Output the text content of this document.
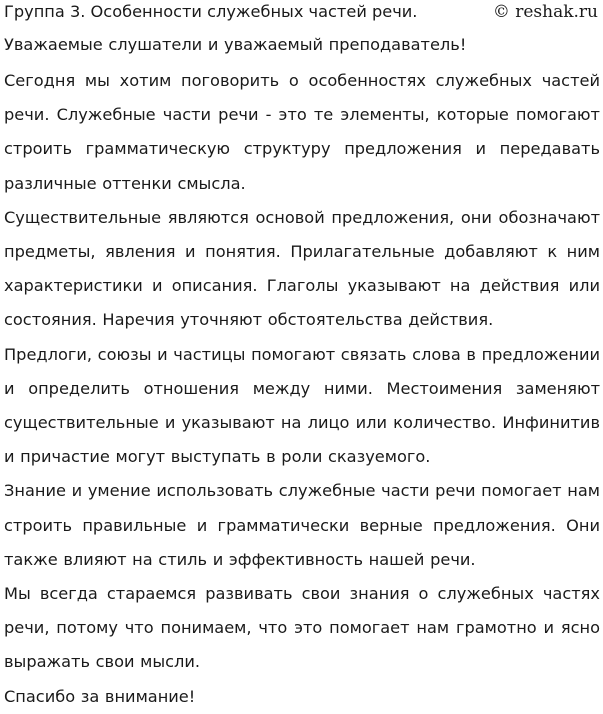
Группа 3. Особенности служебных частей речи.	© reshak.ru

Уважаемые слушатели и уважаемый преподаватель!

Сегодня мы хотим поговорить о особенностях служебных частей речи. Служебные части речи - это те элементы, которые помогают строить грамматическую структуру предложения и передавать различные оттенки смысла.

Существительные являются основой предложения, они обозначают предметы, явления и понятия. Прилагательные добавляют к ним характеристики и описания. Глаголы указывают на действия или состояния. Наречия уточняют обстоятельства действия.

Предлоги, союзы и частицы помогают связать слова в предложении и определить отношения между ними. Местоимения заменяют существительные и указывают на лицо или количество. Инфинитив и причастие могут выступать в роли сказуемого.

Знание и умение использовать служебные части речи помогает нам строить правильные и грамматически верные предложения. Они также влияют на стиль и эффективность нашей речи.

Мы всегда стараемся развивать свои знания о служебных частях речи, потому что понимаем, что это помогает нам грамотно и ясно выражать свои мысли.

Спасибо за внимание!
